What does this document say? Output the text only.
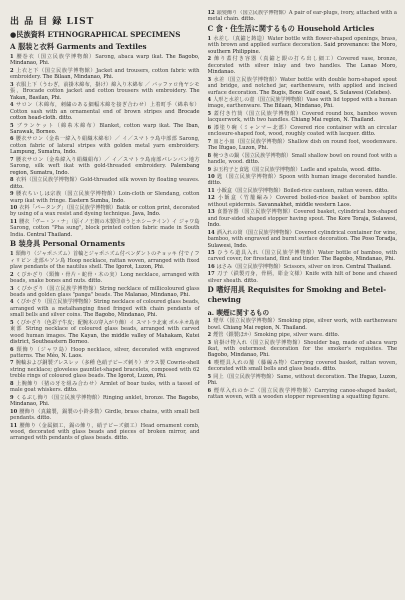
出 品 目 録 LIST
●民族資料 ETHNOGRAPHICAL SPECIMENS
A 服装と衣料 Garments and Textiles
1 腰巻衣（国立民族学博物館）Sarong, abaca warp ikat. The Bagobo, Mindanao, Phi.
2 上衣と下（国立民族学博物館）Jacket and trousers, cotton fabric with embroidery. The Bilaan, Mindanao, Phi.
3 衣服上下（うわぎ，前掛木綿布，掛け）綿入り木綿布 ／ バッファロ角ヤシモ張，Brocade cotton jacket and cotton trousers with embroidery. The Yakan, Basilan, Phi.
4 サロン（木綿布，刺繍のある細幅木綿を接ぎ合わせ）上着町手（綿糸布）Cotton sash with an ornamental end of brown stripes and Brocade cotton head-cloth. ditto.
5 ブランケット（綿糸木綿布）Blanket, cotton warp ikat. The Iban, Sarawak, Borneo.
6 腰衣サロン（金糸一緯入り絹織木綿布）／ イ／スマトラ島中部部 Sarong, cotton fabric of lateral stripes with golden metal yarn embroidery. Lampung, Sumatra, Indo.
7 腰衣サロン（金糸緯入り絹織絹布）／ イ／スマトラ島南部パレンバン地方 Sarong, silk weft ikat with gold-threaded embroidery. Palembang region, Sumatra, Indo.
8 衣料（国立民族学博物館）Gold-threaded silk woven by floating weaves. ditto.
9 腰衣ちいしは宗族（国立民族学博物館）Loin-cloth or Slendang, cotton warp ikat with fringe. Eastern Sumba, Indo.
10 衣料「パータング」（国立民族学博物館）Batik or cotton print, decorated by using of a wax resist and dyeing technique. Java, Indo.
11 腰衣「ヴー・ン・ナ」（原イノ王朝の木製印章うとホシーテイン）イ ジャワ島 Sarong, cotton "Pha sung", block printed cotton fabric made in South India. Central Thailand.
B 装身具 Personal Ornaments
1 頸飾り（ジャポニズム）首輪とジャポニズム付ペンダントのチョッキ 付で / フィリピン 北部ルソン島 Hoop necklace, rattan woven, arranged with fixed plaw pendants of the nautilus shell. The Igorot, Luzon, Phi.
2 くびかざり（頸飾・骨片・蛇骨・木の実）Long necklace, arranged with beads, snake bones and nuts. ditto.
3 くびかざり（国立民族学博物館）String necklace of millicoloured glass beads and golden glass "panga" beads. The Malanao, Mindanao, Phi.
4 くびかざり（国立民族学博物館）String necklace of coloured glass beads, arranged with a metalhanging fixed fringed with chain pendants of small bells and silver coins. The Bagobo, Mindanao, Phi.
5 くびかざり（色彩子牛皮；配腕木の穿入がり飾）イ スマトラ北東 ボルネオ島南東部 String necklace of coloured glass beads, arranged with carved wood human images. The Kayan, the middle valley of Mahakam, Kutei district, Southeastern Borneo.
6 頸飾り（ジャワ島）Hoop necklace, silver, decorated with engraved patterns. The Méo, N. Laos.
7 腕輪および銅製ブレスレッ（多種 色硝子ビーズ刺り）ガラス製 Cowrie-shell string necklace; gloveless gauntlet-shaped bracelets, composed with 62 treble rings of coloured glass beads. The Igorot, Luzon, Phi.
8 上腕飾り（猪の牙を組み合わせ）Armlet of boar tusks, with a tassel of male goat whiskers. ditto.
9 くるぶし飾り（国立民族学博物館）Ringing anklet, bronze. The Bagobo, Mindanao, Phi.
10 腰飾り（真鍮製，錫製の小鈴多数）Girdle, brass chains, with small bell pendants. ditto.
11 腰飾り（金属細工，錫の飾り，硝子ビーズ細工）Head ornament comb, wood, decorated with glass beads and pieces of broken mirror, and arranged with pendants of glass beads. ditto.
12 頭髪飾り（国立民族学博物館）A pair of ear-plugs, ivory, attached with a metal chain. ditto.
C 食・住生活に関するもの Household Articles
1 水差し（真鍮と鋳造）Water bottle with flower-shaped openings, brass, with brown and applied surface decoration. Said provenance: the Moro, southern Philippine.
2 飾り蓋付き容器（真鍮と銀の打ち出し細工）Covered vase, bronze, decorated with silver inlay and two handles. The Lanao Moro, Mindanao.
3 水差（国立民族学博物館）Water bottle with double horn-shaped spout and bridge, and notched jar, earthenware, with applied and incised surface decoration. The Bugis, Bone Gulf coast, S. Sulawesi (Celebes).
4 人形と水差しの壺（国立民族学博物館）Vase with lid topped with a human image, earthenware. The Bilaan, Mindanao, Phi.
5 蓋付き竹筒（国立民族学博物館）Covered round box, bamboo woven lacquerwork, with two handles. Chiang Mai region, N. Thailand.
6 漆塗り碗（ミャンマー北部）Covered rice container with an circular enclosure-shaped foot, wood, roughly coated with lacquer. ditto.
7 皿と小皿（国立民族学博物館）Shallow dish on round foot, woodenware. The Ifugao, Luzon, Phi.
8 椀つきの鍋（国立民族学博物館）Small shallow bowl on round foot with a handle, wood. ditto.
9 お玉杓子と食匙（国立民族学博物館）Ladle and spatula, wood. ditto.
10 匙（国立民族学博物館）Spoon with human image decorated handle. ditto.
11 小飯盒（国立民族学博物館）Boiled-rice canteen, rattan woven. ditto.
12 小飯盒（竹籠編み）Covered boiled-rice basket of bamboo splits without epidermis. Savannakhet, middle western Laos.
13 食器容器（国立民族学博物館）Covered basket, cylindrical box-shaped and four-sided shaped stopper having spout. The Kore Toraja, Sulawesi, Indo.
14 酒入れの筒（国立民族学博物館）Covered cylindrical container for wine, bamboo, with engraved and burnt surface decoration. The Poso Toradja, Sulawesi, Indo.
15 ひうち道具入れ（国立民族学博物館）Water bottle of bamboo, with carved cover, for firestand, flint and tinder. The Bagobo, Mindanao, Phi.
16 はさみ（国立民族学博物館）Scissors, silver on iron. Central Thailand.
17 刀子（鉄製刃身，骨柄，彫金文様）Knife with hilt of bone and chased silver sheath. ditto.
D 嗜好用具 Requisites for Smoking and Betel-chewing
a. 喫煙に関するもの
1 煙草（国立民族学博物館）Smoking pipe, silver work, with earthenware bowl. Chiang Mai region, N. Thailand.
2 煙管（銀製ほか）Smoking pipe, silver ware. ditto.
3 肩掛け物入れ（国立民族学博物館）Shoulder bag, made of abaca warp ikat, with outermost decoration for the smoker's requisites. The Bagobo, Mindanao, Phi.
4 喫煙具入れの籠（籐編み物）Carrying covered basket, rattan woven, decorated with small bells and glass beads. ditto.
5 同上（国立民族学博物館）Same, without decoration. The Ifugao, Luzon, Phi.
6 煙草入れのかご（国立民族学博物館）Carrying canoe-shaped basket, rattan woven, with a wooden stopper representing a squatting figure.
